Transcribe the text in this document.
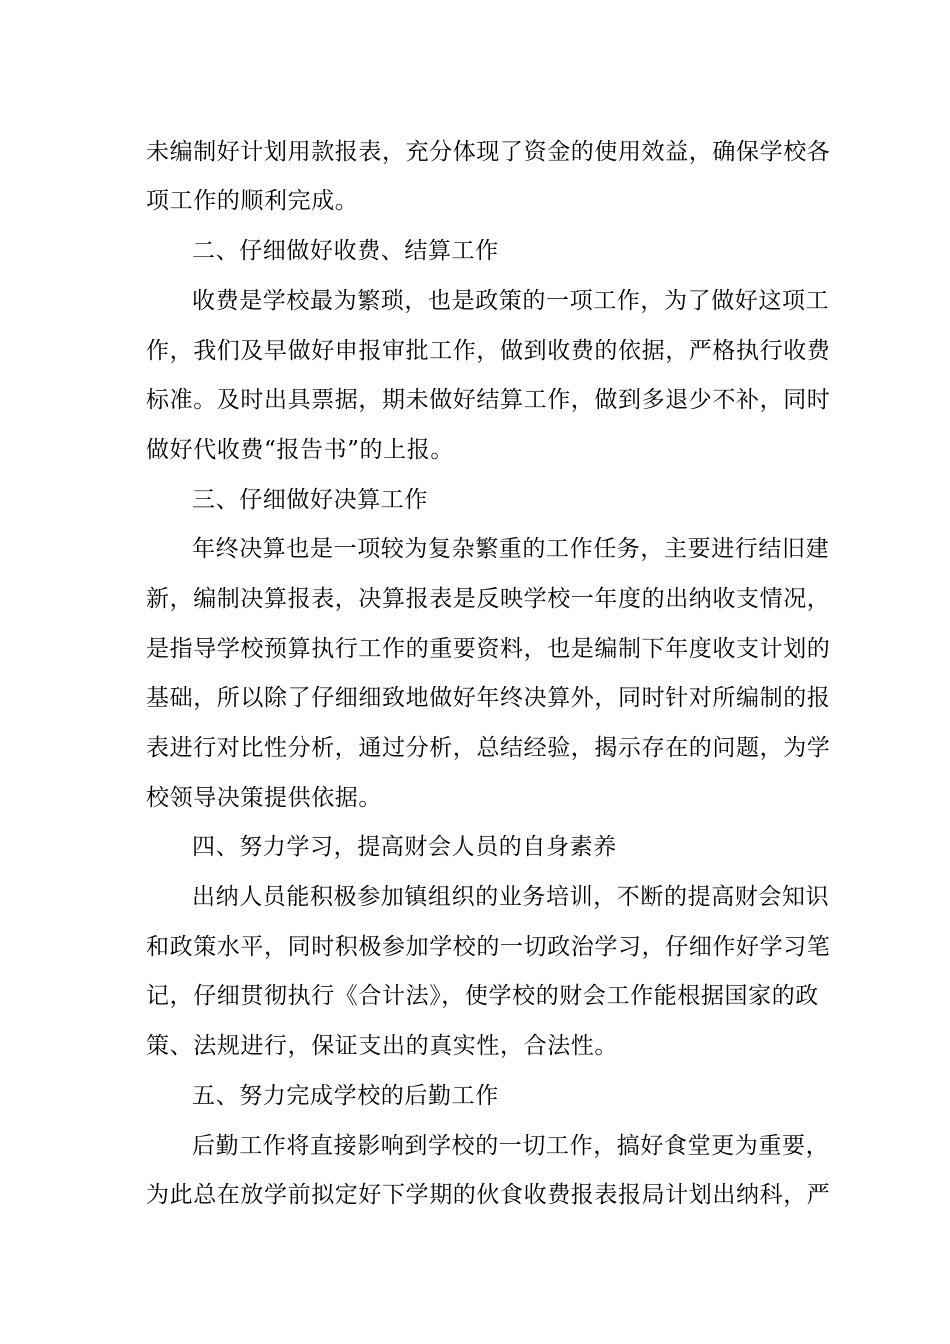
未编制好计划用款报表，充分体现了资金的使用效益，确保学校各
项工作的顺利完成。
二、仔细做好收费、结算工作
收费是学校最为繁琐，也是政策的一项工作，为了做好这项工
作，我们及早做好申报审批工作，做到收费的依据，严格执行收费
标准。及时出具票据，期未做好结算工作，做到多退少不补，同时
做好代收费“报告书”的上报。
三、仔细做好决算工作
年终决算也是一项较为复杂繁重的工作任务，主要进行结旧建
新，编制决算报表，决算报表是反映学校一年度的出纳收支情况，
是指导学校预算执行工作的重要资料，也是编制下年度收支计划的
基础，所以除了仔细细致地做好年终决算外，同时针对所编制的报
表进行对比性分析，通过分析，总结经验，揭示存在的问题，为学
校领导决策提供依据。
四、努力学习，提高财会人员的自身素养
出纳人员能积极参加镇组织的业务培训，不断的提高财会知识
和政策水平，同时积极参加学校的一切政治学习，仔细作好学习笔
记，仔细贯彻执行《合计法》，使学校的财会工作能根据国家的政
策、法规进行，保证支出的真实性，合法性。
五、努力完成学校的后勤工作
后勤工作将直接影响到学校的一切工作，搞好食堂更为重要，
为此总在放学前拟定好下学期的伙食收费报表报局计划出纳科，严
